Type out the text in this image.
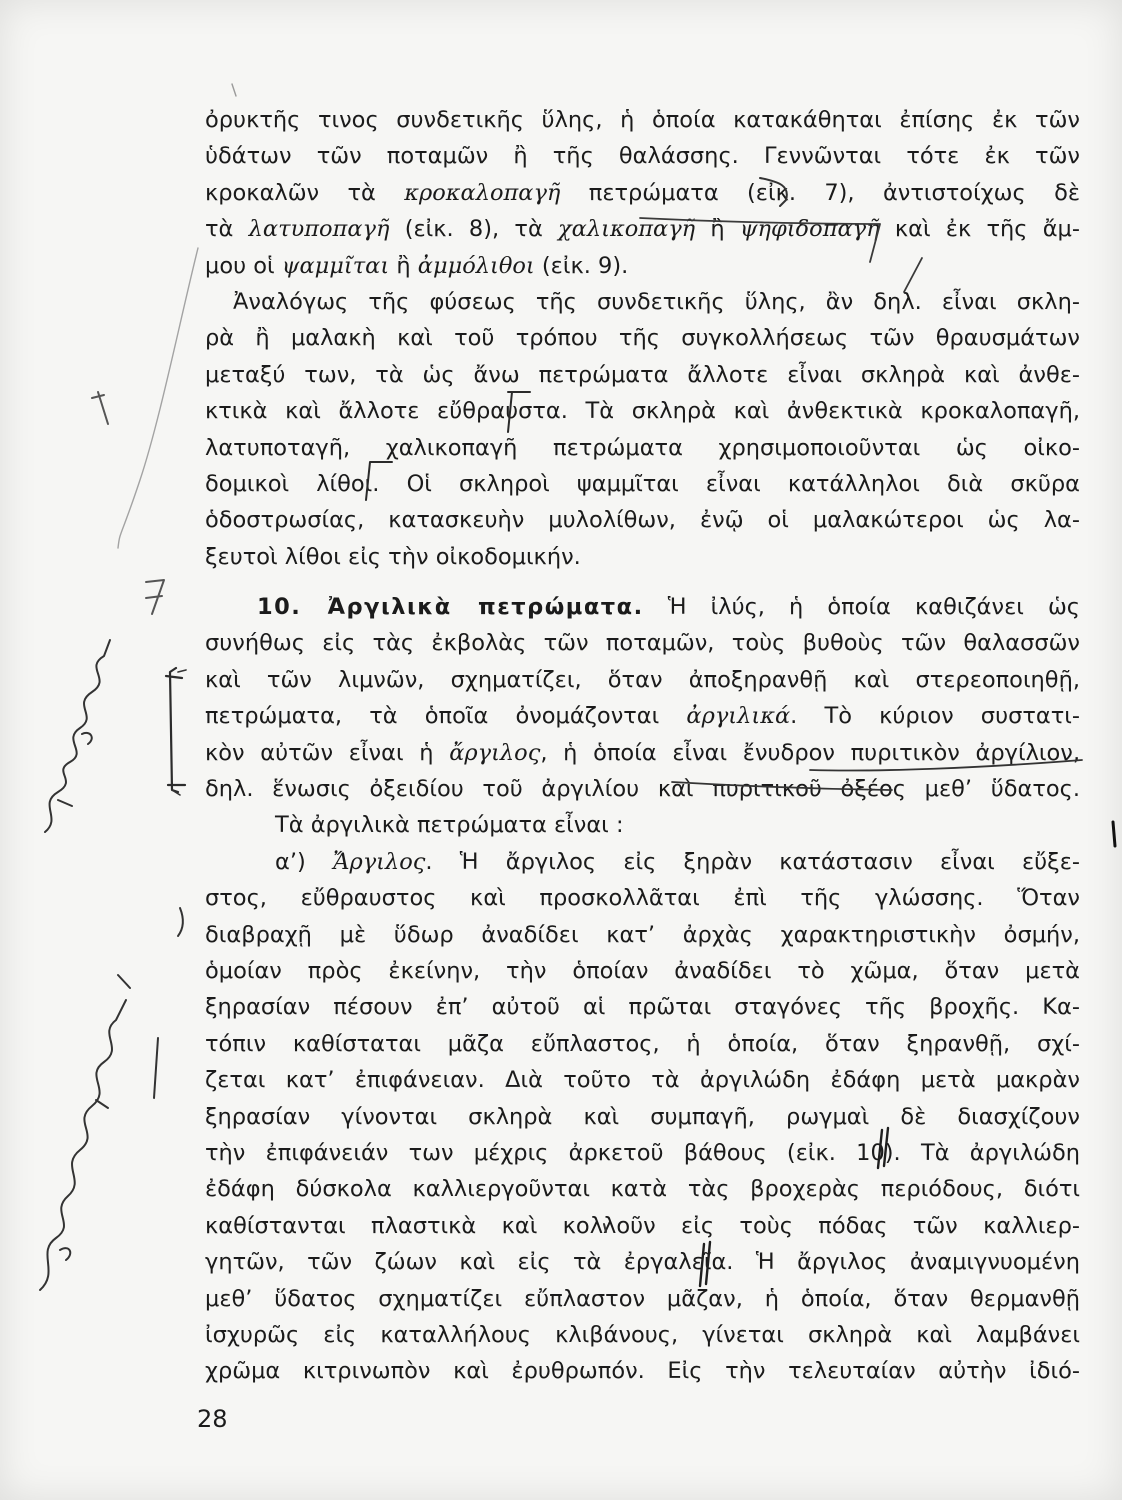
ὀρυκτῆς τινος συνδετικῆς ὕλης, ἡ ὁποία κατακάθηται ἐπίσης ἐκ τῶν
ὑδάτων τῶν ποταμῶν ἢ τῆς θαλάσσης. Γεννῶνται τότε ἐκ τῶν
κροκαλῶν τὰ κροκαλοπαγῆ πετρώματα (εἰκ. 7), ἀντιστοίχως δὲ
τὰ λατυποπαγῆ (εἰκ. 8), τὰ χαλικοπαγῆ ἢ ψηφιδοπαγῆ καὶ ἐκ τῆς ἄμ-
μου οἱ ψαμμῖται ἢ ἀμμόλιθοι (εἰκ. 9).
Ἀναλόγως τῆς φύσεως τῆς συνδετικῆς ὕλης, ἂν δηλ. εἶναι σκλη-
ρὰ ἢ μαλακὴ καὶ τοῦ τρόπου τῆς συγκολλήσεως τῶν θραυσμάτων
μεταξύ των, τὰ ὡς ἄνω πετρώματα ἄλλοτε εἶναι σκληρὰ καὶ ἀνθε-
κτικὰ καὶ ἄλλοτε εὔθραυστα. Τὰ σκληρὰ καὶ ἀνθεκτικὰ κροκαλοπαγῆ,
λατυποταγῆ, χαλικοπαγῆ πετρώματα χρησιμοποιοῦνται ὡς οἰκο-
δομικοὶ λίθοι. Οἱ σκληροὶ ψαμμῖται εἶναι κατάλληλοι διὰ σκῦρα
ὁδοστρωσίας, κατασκευὴν μυλολίθων, ἐνῷ οἱ μαλακώτεροι ὡς λα-
ξευτοὶ λίθοι εἰς τὴν οἰκοδομικήν.
10. Ἀργιλικὰ πετρώματα. Ἡ ἰλύς, ἡ ὁποία καθιζάνει ὡς
συνήθως εἰς τὰς ἐκβολὰς τῶν ποταμῶν, τοὺς βυθοὺς τῶν θαλασσῶν
καὶ τῶν λιμνῶν, σχηματίζει, ὅταν ἀποξηρανθῇ καὶ στερεοποιηθῇ,
πετρώματα, τὰ ὁποῖα ὀνομάζονται ἀργιλικά. Τὸ κύριον συστατι-
κὸν αὐτῶν εἶναι ἡ ἄργιλος, ἡ ὁποία εἶναι ἔνυδρον πυριτικὸν ἀργίλιον,
δηλ. ἕνωσις ὀξειδίου τοῦ ἀργιλίου καὶ πυριτικοῦ ὀξέος μεθ’ ὕδατος.
Τὰ ἀργιλικὰ πετρώματα εἶναι :
α’) Ἄργιλος. Ἡ ἄργιλος εἰς ξηρὰν κατάστασιν εἶναι εὔξε-
στος, εὔθραυστος καὶ προσκολλᾶται ἐπὶ τῆς γλώσσης. Ὅταν
διαβραχῇ μὲ ὕδωρ ἀναδίδει κατ’ ἀρχὰς χαρακτηριστικὴν ὀσμήν,
ὁμοίαν πρὸς ἐκείνην, τὴν ὁποίαν ἀναδίδει τὸ χῶμα, ὅταν μετὰ
ξηρασίαν πέσουν ἐπ’ αὐτοῦ αἱ πρῶται σταγόνες τῆς βροχῆς. Κα-
τόπιν καθίσταται μᾶζα εὔπλαστος, ἡ ὁποία, ὅταν ξηρανθῇ, σχί-
ζεται κατ’ ἐπιφάνειαν. Διὰ τοῦτο τὰ ἀργιλώδη ἐδάφη μετὰ μακρὰν
ξηρασίαν γίνονται σκληρὰ καὶ συμπαγῆ, ρωγμαὶ δὲ διασχίζουν
τὴν ἐπιφάνειάν των μέχρις ἀρκετοῦ βάθους (εἰκ. 10). Τὰ ἀργιλώδη
ἐδάφη δύσκολα καλλιεργοῦνται κατὰ τὰς βροχερὰς περιόδους, διότι
καθίστανται πλαστικὰ καὶ κολλοῦν εἰς τοὺς πόδας τῶν καλλιερ-
γητῶν, τῶν ζώων καὶ εἰς τὰ ἐργαλεῖα. Ἡ ἄργιλος ἀναμιγνυομένη
μεθ’ ὕδατος σχηματίζει εὔπλαστον μᾶζαν, ἡ ὁποία, ὅταν θερμανθῇ
ἰσχυρῶς εἰς καταλλήλους κλιβάνους, γίνεται σκληρὰ καὶ λαμβάνει
χρῶμα κιτρινωπὸν καὶ ἐρυθρωπόν. Εἰς τὴν τελευταίαν αὐτὴν ἰδιό-
28
